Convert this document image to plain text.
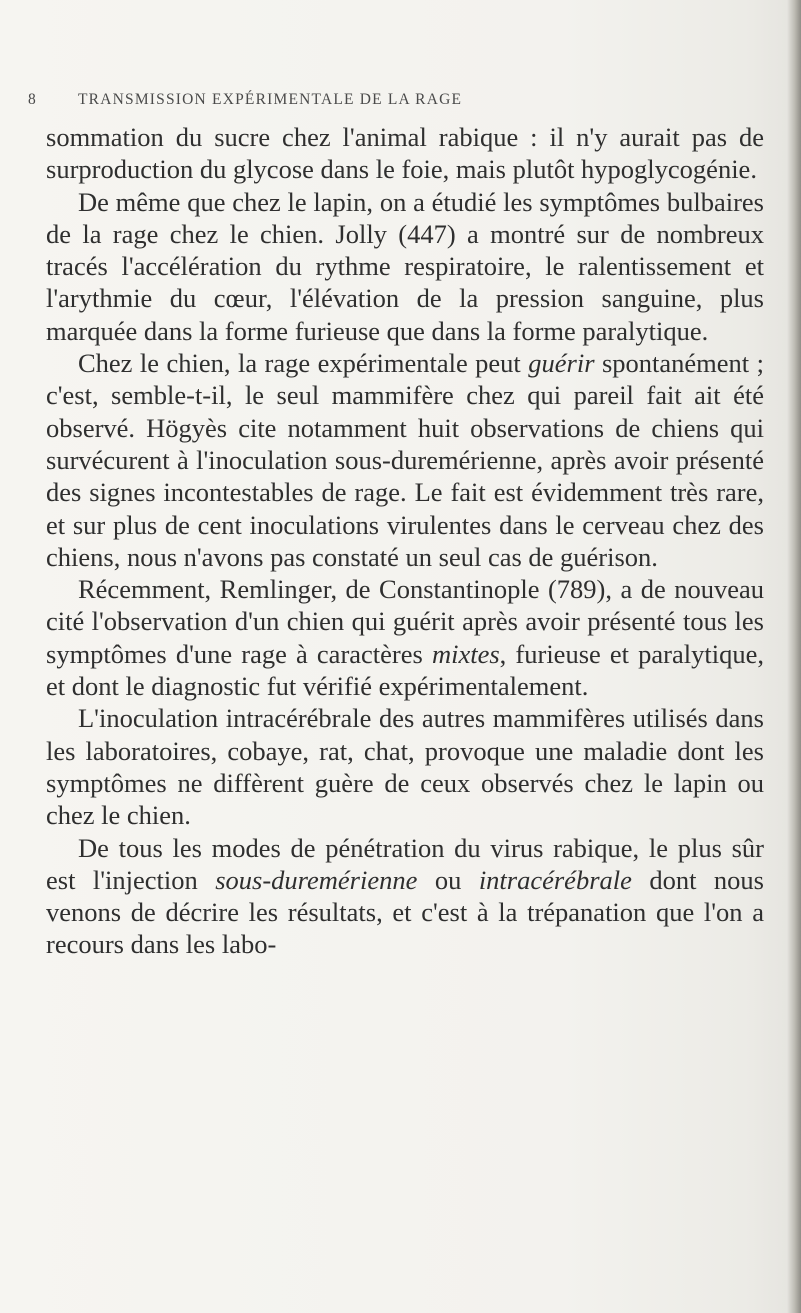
8	TRANSMISSION EXPÉRIMENTALE DE LA RAGE

sommation du sucre chez l'animal rabique : il n'y aurait pas de surproduction du glycose dans le foie, mais plutôt hypoglycogénie.

De même que chez le lapin, on a étudié les symptômes bulbaires de la rage chez le chien. Jolly (447) a montré sur de nombreux tracés l'accélération du rythme respiratoire, le ralentissement et l'arythmie du cœur, l'élévation de la pression sanguine, plus marquée dans la forme furieuse que dans la forme paralytique.

Chez le chien, la rage expérimentale peut guérir spontanément ; c'est, semble-t-il, le seul mammifère chez qui pareil fait ait été observé. Högyès cite notamment huit observations de chiens qui survécurent à l'inoculation sous-duremérienne, après avoir présenté des signes incontestables de rage. Le fait est évidemment très rare, et sur plus de cent inoculations virulentes dans le cerveau chez des chiens, nous n'avons pas constaté un seul cas de guérison.

Récemment, Remlinger, de Constantinople (789), a de nouveau cité l'observation d'un chien qui guérit après avoir présenté tous les symptômes d'une rage à caractères mixtes, furieuse et paralytique, et dont le diagnostic fut vérifié expérimentalement.

L'inoculation intracérébrale des autres mammifères utilisés dans les laboratoires, cobaye, rat, chat, provoque une maladie dont les symptômes ne diffèrent guère de ceux observés chez le lapin ou chez le chien.

De tous les modes de pénétration du virus rabique, le plus sûr est l'injection sous-duremérienne ou intracérébrale dont nous venons de décrire les résultats, et c'est à la trépanation que l'on a recours dans les labo-
